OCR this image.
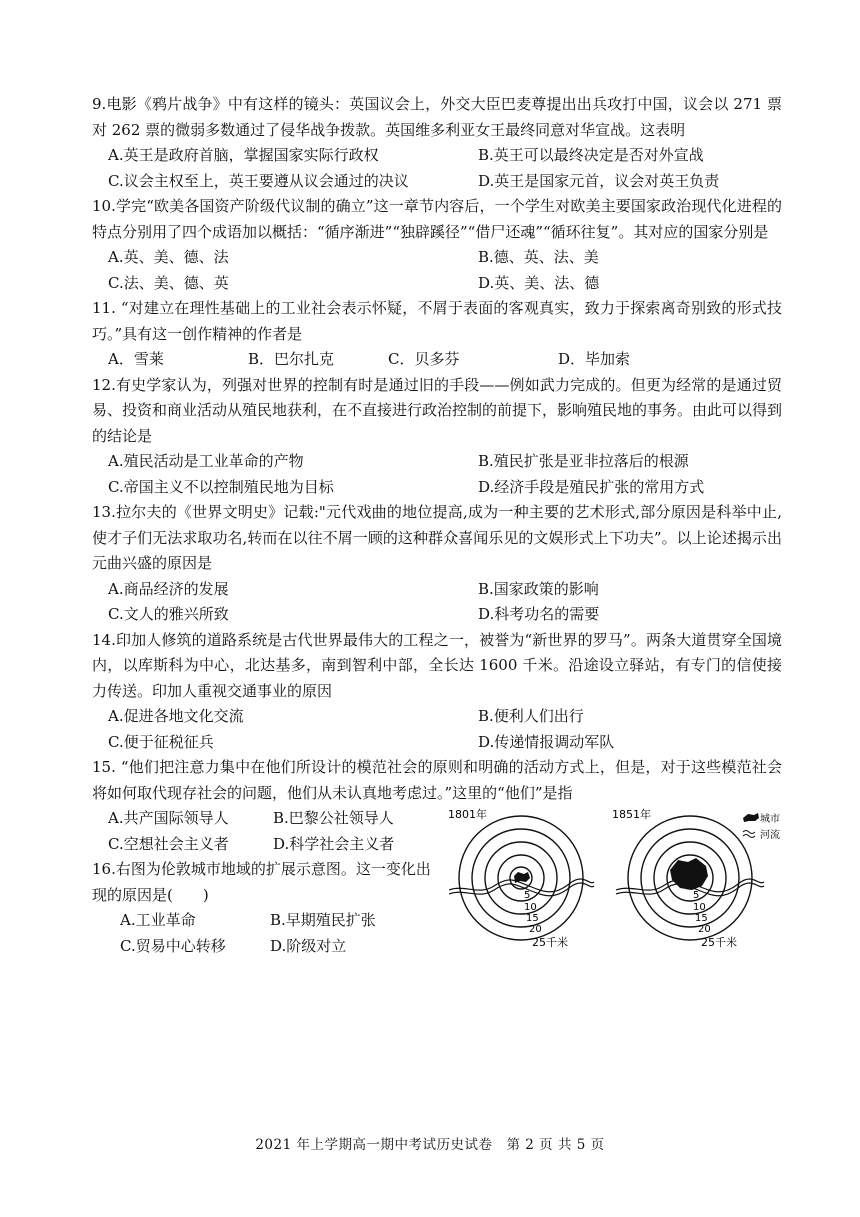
9.电影《鸦片战争》中有这样的镜头：英国议会上，外交大臣巴麦尊提出出兵攻打中国，议会以 271 票对 262 票的微弱多数通过了侵华战争拨款。英国维多利亚女王最终同意对华宣战。这表明

A.英王是政府首脑，掌握国家实际行政权	B.英王可以最终决定是否对外宣战
C.议会主权至上，英王要遵从议会通过的决议	D.英王是国家元首，议会对英王负责

10.学完“欧美各国资产阶级代议制的确立”这一章节内容后，一个学生对欧美主要国家政治现代化进程的特点分别用了四个成语加以概括：“循序渐进”“独辟蹊径”“借尸还魂”“循环往复”。其对应的国家分别是

A.英、美、德、法	B.德、英、法、美
C.法、美、德、英	D.英、美、法、德

11. “对建立在理性基础上的工业社会表示怀疑，不屑于表面的客观真实，致力于探索离奇别致的形式技巧。”具有这一创作精神的作者是

A．雪莱	B．巴尔扎克	C．贝多芬	D．毕加索

12.有史学家认为，列强对世界的控制有时是通过旧的手段——例如武力完成的。但更为经常的是通过贸易、投资和商业活动从殖民地获利，在不直接进行政治控制的前提下，影响殖民地的事务。由此可以得到的结论是

A.殖民活动是工业革命的产物	B.殖民扩张是亚非拉落后的根源
C.帝国主义不以控制殖民地为目标	D.经济手段是殖民扩张的常用方式

13.拉尔夫的《世界文明史》记载:"元代戏曲的地位提高,成为一种主要的艺术形式,部分原因是科举中止,使才子们无法求取功名,转而在以往不屑一顾的这种群众喜闻乐见的文娱形式上下功夫”。以上论述揭示出元曲兴盛的原因是

A.商品经济的发展	B.国家政策的影响
C.文人的雅兴所致	D.科考功名的需要

14.印加人修筑的道路系统是古代世界最伟大的工程之一，被誉为“新世界的罗马”。两条大道贯穿全国境内，以库斯科为中心，北达基多，南到智利中部，全长达 1600 千米。沿途设立驿站，有专门的信使接力传送。印加人重视交通事业的原因

A.促进各地文化交流	B.便利人们出行
C.便于征税征兵	D.传递情报调动军队

15. “他们把注意力集中在他们所设计的模范社会的原则和明确的活动方式上，但是，对于这些模范社会将如何取代现存社会的问题，他们从未认真地考虑过。”这里的“他们”是指

A.共产国际领导人	B.巴黎公社领导人
C.空想社会主义者	D.科学社会主义者

16.右图为伦敦城市地域的扩展示意图。这一变化出现的原因是(　　)

A.工业革命	B.早期殖民扩张
C.贸易中心转移	D.阶级对立
1801年
5
10
15
20
25千米
1851年
5
10
15
20
25千米
城市
河流
2021 年上学期高一期中考试历史试卷　第 2 页 共 5 页
